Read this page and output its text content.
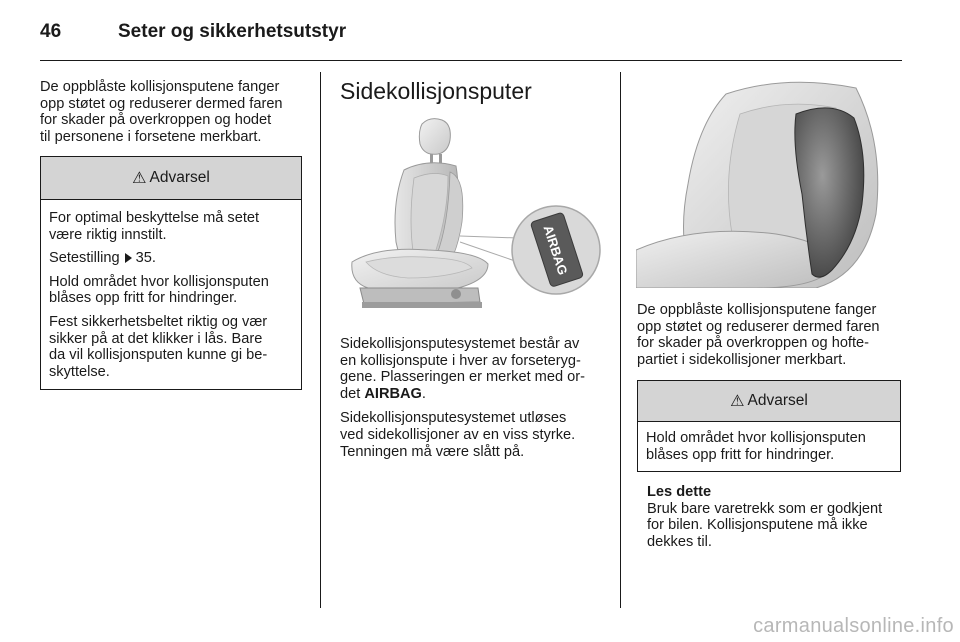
46	Seter og sikkerhetsutstyr
De oppblåste kollisjonsputene fanger
opp støtet og reduserer dermed faren
for skader på overkroppen og hodet
til personene i forsetene merkbart.
⚠ Advarsel

For optimal beskyttelse må setet
være riktig innstilt.

Setestilling 35.

Hold området hvor kollisjonsputen
blåses opp fritt for hindringer.

Fest sikkerhetsbeltet riktig og vær
sikker på at det klikker i lås. Bare
da vil kollisjonsputen kunne gi be-
skyttelse.

Sidekollisjonsputer
AIRBAG

Sidekollisjonsputesystemet består av
en kollisjonspute i hver av forseteryg-
gene. Plasseringen er merket med or-
det AIRBAG.

Sidekollisjonsputesystemet utløses
ved sidekollisjoner av en viss styrke.
Tenningen må være slått på.

De oppblåste kollisjonsputene fanger
opp støtet og reduserer dermed faren
for skader på overkroppen og hofte-
partiet i sidekollisjoner merkbart.
⚠ Advarsel
Hold området hvor kollisjonsputen
blåses opp fritt for hindringer.
Les dette
Bruk bare varetrekk som er godkjent
for bilen. Kollisjonsputene må ikke
dekkes til.
carmanualsonline.info
